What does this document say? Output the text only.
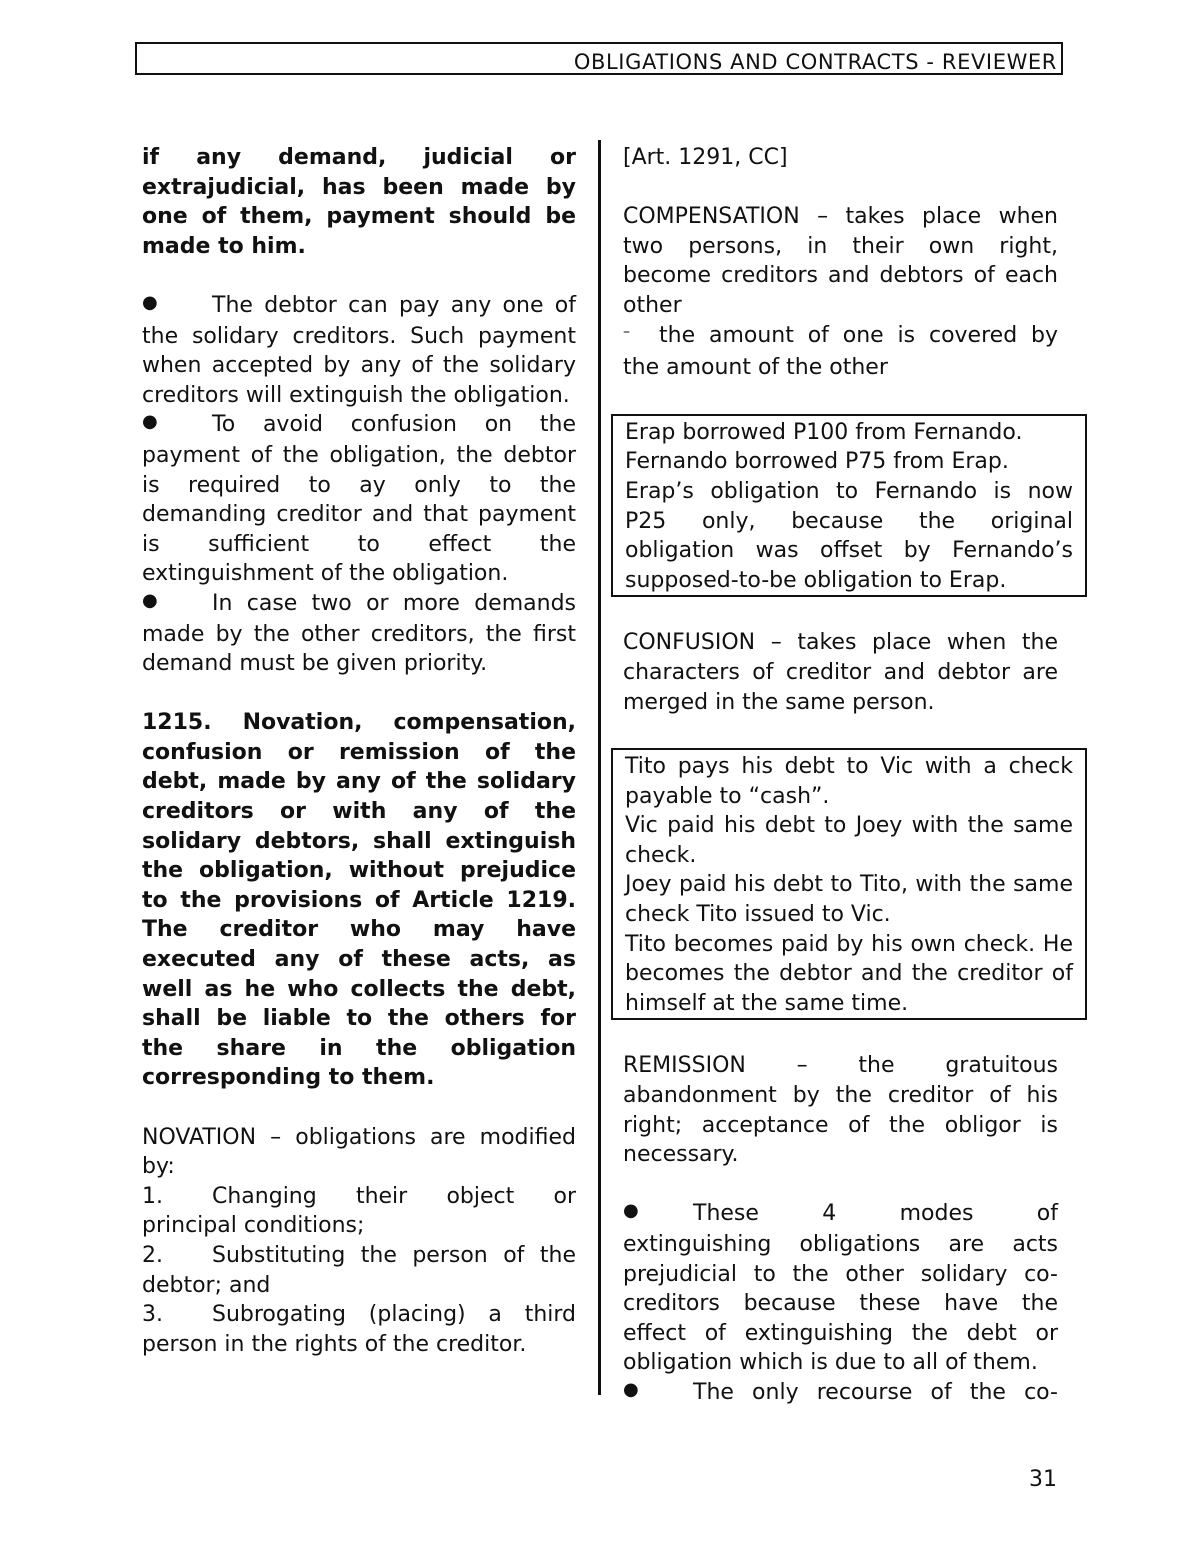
OBLIGATIONS AND CONTRACTS - REVIEWER

if any demand, judicial or

extrajudicial, has been made by

one of them, payment should be

made to him.

● The debtor can pay any one of

the solidary creditors. Such payment when accepted by any of the solidary creditors will extinguish the obligation.

● To avoid confusion on the

payment of the obligation, the debtor is required to ay only to the demanding creditor and that payment is sufficient to effect the extinguishment of the obligation.

● In case two or more demands

made by the other creditors, the first demand must be given priority.

1215. Novation, compensation, confusion or remission of the debt, made by any of the solidary creditors or with any of the solidary debtors, shall extinguish the obligation, without prejudice to the provisions of Article 1219. The creditor who may have executed any of these acts, as well as he who collects the debt, shall be liable to the others for the share in the obligation corresponding to them.

NOVATION – obligations are modified by:

1. Changing their object or

principal conditions;

2. Substituting the person of the

debtor; and

3. Subrogating (placing) a third

person in the rights of the creditor.

[Art. 1291, CC]

COMPENSATION – takes place when two persons, in their own right, become creditors and debtors of each other

– the amount of one is covered by the amount of the other

Erap borrowed P100 from Fernando.

Fernando borrowed P75 from Erap.

Erap’s obligation to Fernando is now P25 only, because the original obligation was offset by Fernando’s supposed-to-be obligation to Erap.

CONFUSION – takes place when the characters of creditor and debtor are merged in the same person.

Tito pays his debt to Vic with a check payable to “cash”.

Vic paid his debt to Joey with the same check.

Joey paid his debt to Tito, with the same check Tito issued to Vic.

Tito becomes paid by his own check. He becomes the debtor and the creditor of himself at the same time.

REMISSION – the gratuitous abandonment by the creditor of his right; acceptance of the obligor is necessary.

● These 4 modes of

extinguishing obligations are acts prejudicial to the other solidary co-creditors because these have the effect of extinguishing the debt or obligation which is due to all of them.

● The only recourse of the co-

31
